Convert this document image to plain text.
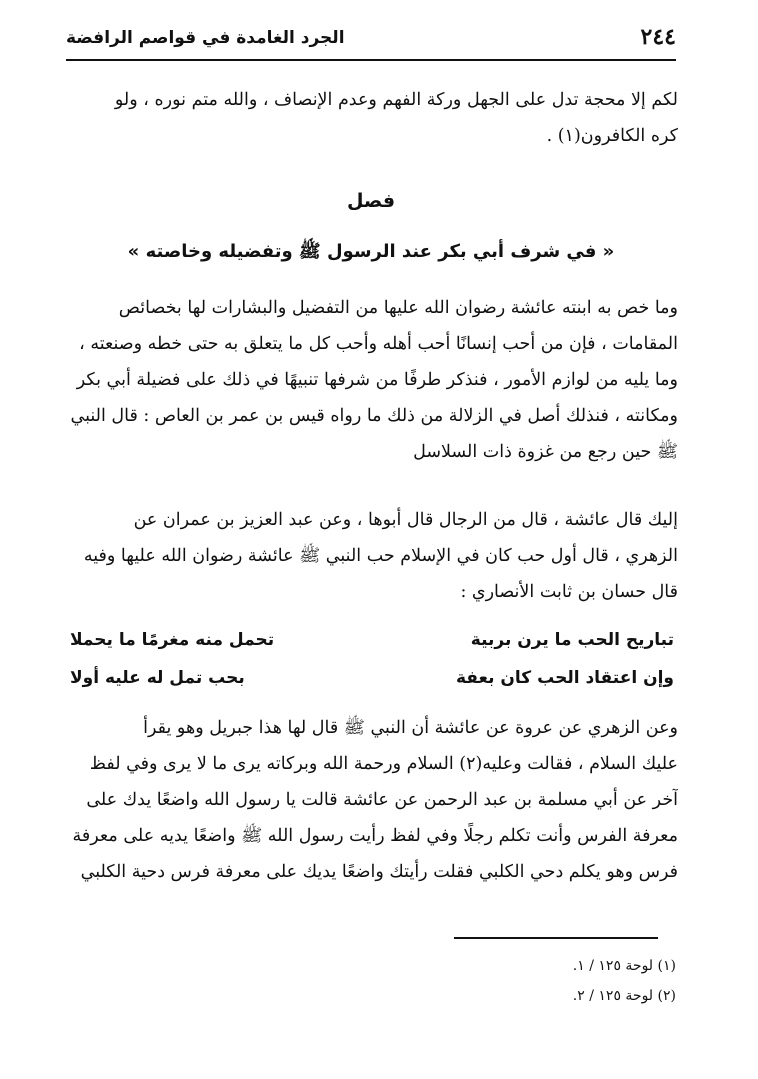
٢٤٤
الجرد الغامدة في قواصم الرافضة
لكم إلا محجة تدل على الجهل وركة الفهم وعدم الإنصاف ، والله متم نوره ، ولو
كره الكافرون(١) .
فصل
« في شرف أبي بكر عند الرسول ﷺ وتفضيله وخاصته »
وما خص به ابنته عائشة رضوان الله عليها من التفضيل والبشارات لها بخصائص
المقامات ، فإن من أحب إنسانًا أحب أهله وأحب كل ما يتعلق به حتى خطه وصنعته ،
وما يليه من لوازم الأمور ، فنذكر طرفًا من شرفها تنبيهًا في ذلك على فضيلة أبي بكر
ومكانته ، فنذلك أصل في الزلالة من ذلك ما رواه قيس بن عمر بن العاص : قال النبي
ﷺ حين رجع من غزوة ذات السلاسل
إليك قال عائشة ، قال من الرجال قال أبوها ، وعن عبد العزيز بن عمران عن
الزهري ، قال أول حب كان في الإسلام حب النبي ﷺ عائشة رضوان الله عليها وفيه
قال حسان بن ثابت الأنصاري :
تباريح الحب ما يرن بربية
تحمل منه مغرمًا ما يحملا
وإن اعتقاد الحب كان بعفة
بحب تمل له عليه أولا
وعن الزهري عن عروة عن عائشة أن النبي ﷺ قال لها هذا جبريل وهو يقرأ
عليك السلام ، فقالت وعليه(٢) السلام ورحمة الله وبركاته يرى ما لا يرى وفي لفظ
آخر عن أبي مسلمة بن عبد الرحمن عن عائشة قالت يا رسول الله واضعًا يدك على
معرفة الفرس وأنت تكلم رجلًا وفي لفظ رأيت رسول الله ﷺ واضعًا يديه على معرفة
فرس وهو يكلم دحي الكلبي فقلت رأيتك واضعًا يديك على معرفة فرس دحية الكلبي
(١) لوحة ١٢٥ / ١.
(٢) لوحة ١٢٥ / ٢.
